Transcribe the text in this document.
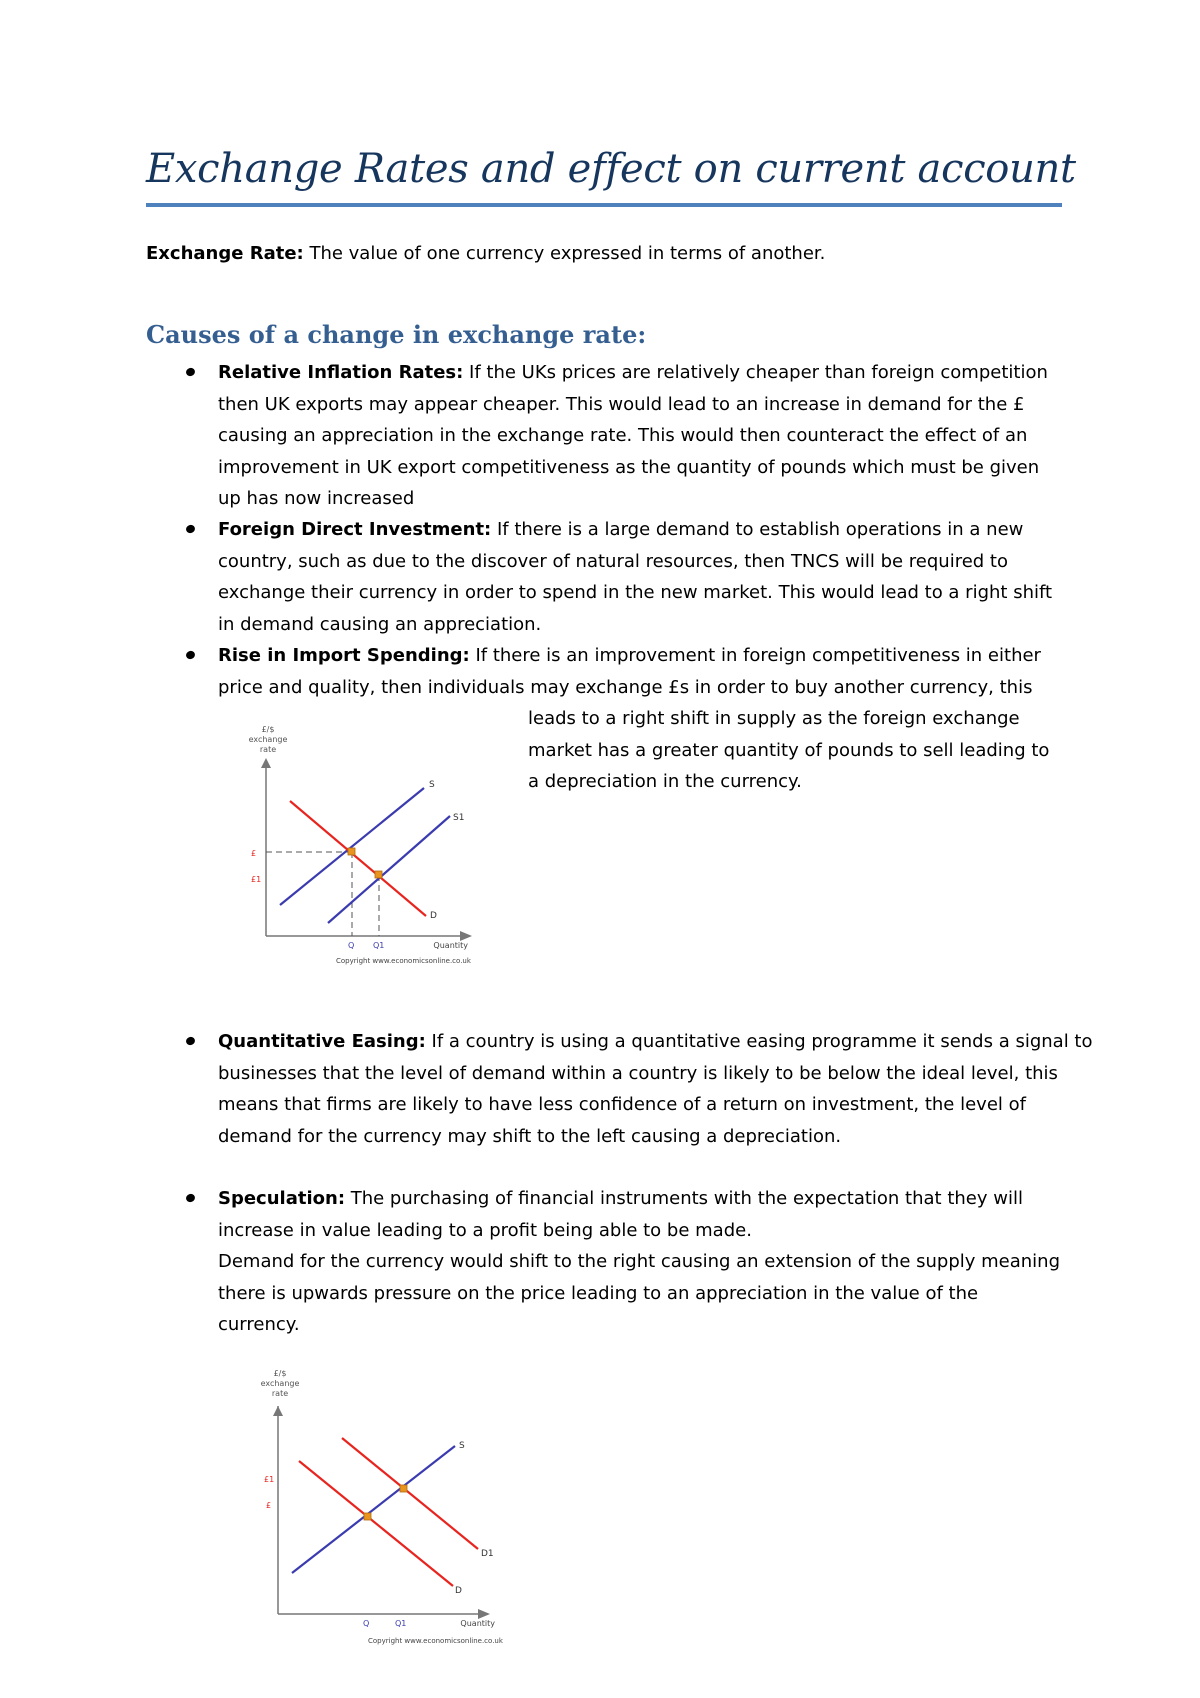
Exchange Rates and effect on current account

Exchange Rate: The value of one currency expressed in terms of another.

Causes of a change in exchange rate:
Relative Inflation Rates: If the UKs prices are relatively cheaper than foreign competition
then UK exports may appear cheaper. This would lead to an increase in demand for the £
causing an appreciation in the exchange rate. This would then counteract the effect of an
improvement in UK export competitiveness as the quantity of pounds which must be given
up has now increased
Foreign Direct Investment: If there is a large demand to establish operations in a new
country, such as due to the discover of natural resources, then TNCS will be required to
exchange their currency in order to spend in the new market. This would lead to a right shift
in demand causing an appreciation.
Rise in Import Spending: If there is an improvement in foreign competitiveness in either
price and quality, then individuals may exchange £s in order to buy another currency, this
leads to a right shift in supply as the foreign exchange
market has a greater quantity of pounds to sell leading to
a depreciation in the currency.
£/$
exchange
rate
S
S1
D
£
£1
Q Q1	Quantity
Copyright www.economicsonline.co.uk
Quantitative Easing: If a country is using a quantitative easing programme it sends a signal to
businesses that the level of demand within a country is likely to be below the ideal level, this
means that firms are likely to have less confidence of a return on investment, the level of
demand for the currency may shift to the left causing a depreciation.
Speculation: The purchasing of financial instruments with the expectation that they will
increase in value leading to a profit being able to be made.
Demand for the currency would shift to the right causing an extension of the supply meaning
there is upwards pressure on the price leading to an appreciation in the value of the
currency.
£/$
exchange
rate
S
D1
D
£1
£
Q	Q1	Quantity
Copyright www.economicsonline.co.uk
